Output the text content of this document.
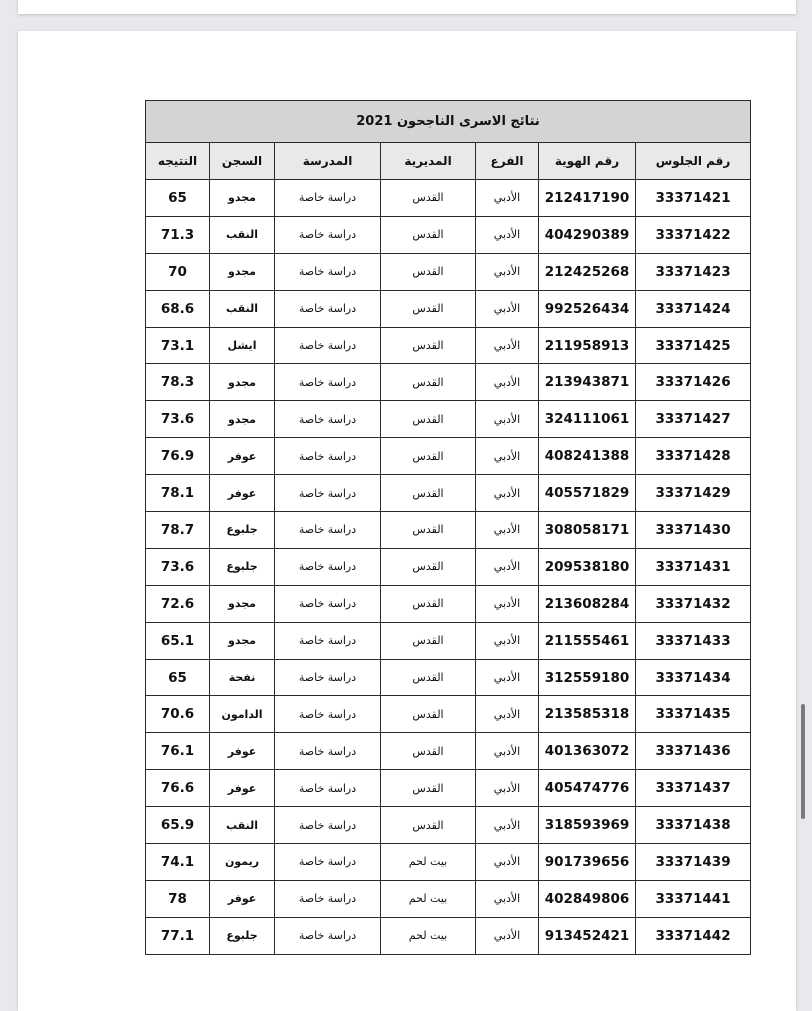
نتائج الاسرى الناجحون 2021						
رقم الجلوس	رقم الهوية	الفرع	المديرية	المدرسة	السجن	النتيجه
33371421	212417190	الأدبي	القدس	دراسة خاصة	مجدو	65
33371422	404290389	الأدبي	القدس	دراسة خاصة	النقب	71.3
33371423	212425268	الأدبي	القدس	دراسة خاصة	مجدو	70
33371424	992526434	الأدبي	القدس	دراسة خاصة	النقب	68.6
33371425	211958913	الأدبي	القدس	دراسة خاصة	ايشل	73.1
33371426	213943871	الأدبي	القدس	دراسة خاصة	مجدو	78.3
33371427	324111061	الأدبي	القدس	دراسة خاصة	مجدو	73.6
33371428	408241388	الأدبي	القدس	دراسة خاصة	عوفر	76.9
33371429	405571829	الأدبي	القدس	دراسة خاصة	عوفر	78.1
33371430	308058171	الأدبي	القدس	دراسة خاصة	جلبوع	78.7
33371431	209538180	الأدبي	القدس	دراسة خاصة	جلبوع	73.6
33371432	213608284	الأدبي	القدس	دراسة خاصة	مجدو	72.6
33371433	211555461	الأدبي	القدس	دراسة خاصة	مجدو	65.1
33371434	312559180	الأدبي	القدس	دراسة خاصة	نفحة	65
33371435	213585318	الأدبي	القدس	دراسة خاصة	الدامون	70.6
33371436	401363072	الأدبي	القدس	دراسة خاصة	عوفر	76.1
33371437	405474776	الأدبي	القدس	دراسة خاصة	عوفر	76.6
33371438	318593969	الأدبي	القدس	دراسة خاصة	النقب	65.9
33371439	901739656	الأدبي	بيت لحم	دراسة خاصة	ريمون	74.1
33371441	402849806	الأدبي	بيت لحم	دراسة خاصة	عوفر	78
33371442	913452421	الأدبي	بيت لحم	دراسة خاصة	جلبوع	77.1
